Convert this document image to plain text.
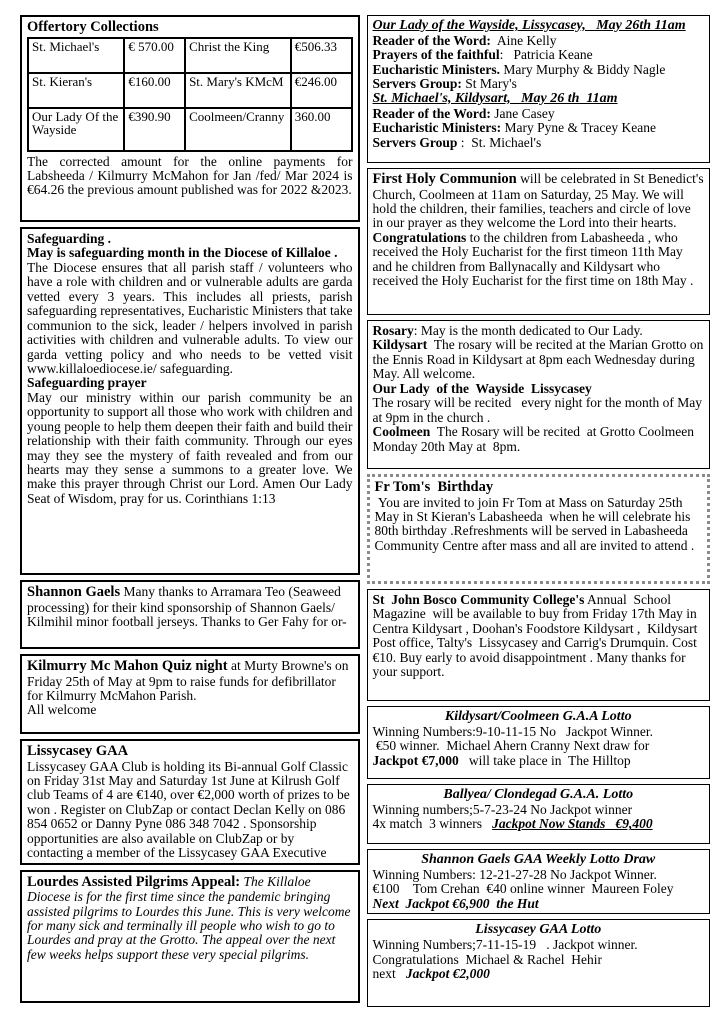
Offertory Collections
St. Michael's	€ 570.00	Christ the King	€506.33
St. Kieran's	€160.00	St. Mary's KMcM	€246.00
Our Lady Of the Wayside	€390.90	Coolmeen/Cranny	360.00

The corrected amount for the online payments for Labsheeda / Kilmurry McMahon for Jan /fed/ Mar 2024 is €64.26 the previous amount published was for 2022 &2023.

Safeguarding .

May is safeguarding month in the Diocese of Killaloe .

The Diocese ensures that all parish staff / volunteers who have a role with children and or vulnerable adults are garda vetted every 3 years. This includes all priests, parish safeguarding representatives, Eucharistic Ministers that take communion to the sick, leader / helpers involved in parish activities with children and vulnerable adults. To view our garda vetting policy and who needs to be vetted visit www.killaloediocese.ie/ safeguarding.

Safeguarding prayer

May our ministry within our parish community be an opportunity to support all those who work with children and young people to help them deepen their faith and build their relationship with their faith community. Through our eyes may they see the mystery of faith revealed and from our hearts may they sense a summons to a greater love. We make this prayer through Christ our Lord. Amen Our Lady Seat of Wisdom, pray for us. Corinthians 1:13

Shannon Gaels Many thanks to Arramara Teo (Seaweed processing) for their kind sponsorship of Shannon Gaels/ Kilmihil minor football jerseys. Thanks to Ger Fahy for or-

Kilmurry Mc Mahon Quiz night at Murty Browne's on Friday 25th of May at 9pm to raise funds for defibrillator for Kilmurry McMahon Parish.

All welcome

Lissycasey GAA

Lissycasey GAA Club is holding its Bi-annual Golf Classic on Friday 31st May and Saturday 1st June at Kilrush Golf club Teams of 4 are €140, over €2,000 worth of prizes to be won . Register on ClubZap or contact Declan Kelly on 086 854 0652 or Danny Pyne 086 348 7042 . Sponsorship opportunities are also available on ClubZap or by contacting a member of the Lissycasey GAA Executive

Lourdes Assisted Pilgrims Appeal: The Killaloe Diocese is for the first time since the pandemic bringing assisted pilgrims to Lourdes this June. This is very welcome for many sick and terminally ill people who wish to go to Lourdes and pray at the Grotto. The appeal over the next few weeks helps support these very special pilgrims.

Our Lady of the Wayside, Lissycasey,   May 26th 11am

Reader of the Word:  Aine Kelly

Prayers of the faithful:   Patricia Keane

Eucharistic Ministers. Mary Murphy & Biddy Nagle

Servers Group: St Mary's

St. Michael's, Kildysart,   May 26 th  11am

Reader of the Word: Jane Casey

Eucharistic Ministers: Mary Pyne & Tracey Keane

Servers Group :  St. Michael's

First Holy Communion will be celebrated in St Benedict's Church, Coolmeen at 11am on Saturday, 25 May. We will hold the children, their families, teachers and circle of love in our prayer as they welcome the Lord into their hearts.

Congratulations to the children from Labasheeda , who received the Holy Eucharist for the first timeon 11th May and he children from Ballynacally and Kildysart who received the Holy Eucharist for the first time on 18th May .

Rosary: May is the month dedicated to Our Lady.

Kildysart  The rosary will be recited at the Marian Grotto on the Ennis Road in Kildysart at 8pm each Wednesday during May. All welcome.

Our Lady  of the  Wayside  Lissycasey

The rosary will be recited   every night for the month of May at 9pm in the church .

Coolmeen  The Rosary will be recited  at Grotto Coolmeen Monday 20th May at  8pm.

Fr Tom's  Birthday

You are invited to join Fr Tom at Mass on Saturday 25th May in St Kieran's Labasheeda  when he will celebrate his 80th birthday .Refreshments will be served in Labasheeda Community Centre after mass and all are invited to attend .

St  John Bosco Community College's Annual  School Magazine  will be available to buy from Friday 17th May in Centra Kildysart , Doohan's Foodstore Kildysart ,  Kildysart Post office, Talty's  Lissycasey and Carrig's Drumquin. Cost  €10. Buy early to avoid disappointment . Many thanks for your support.

Kildysart/Coolmeen G.A.A Lotto

Winning Numbers:9-10-11-15 No   Jackpot Winner.

€50 winner.  Michael Ahern Cranny Next draw for

Jackpot €7,000   will take place in  The Hilltop

Ballyea/ Clondegad G.A.A. Lotto

Winning numbers;5-7-23-24 No Jackpot winner

4x match  3 winners   Jackpot Now Stands   €9,400

Shannon Gaels GAA Weekly Lotto Draw

Winning Numbers: 12-21-27-28 No Jackpot Winner.

€100    Tom Crehan  €40 online winner  Maureen Foley

Next  Jackpot €6,900  the Hut

Lissycasey GAA Lotto

Winning Numbers;7-11-15-19   . Jackpot winner.

Congratulations  Michael & Rachel  Hehir

next   Jackpot €2,000
